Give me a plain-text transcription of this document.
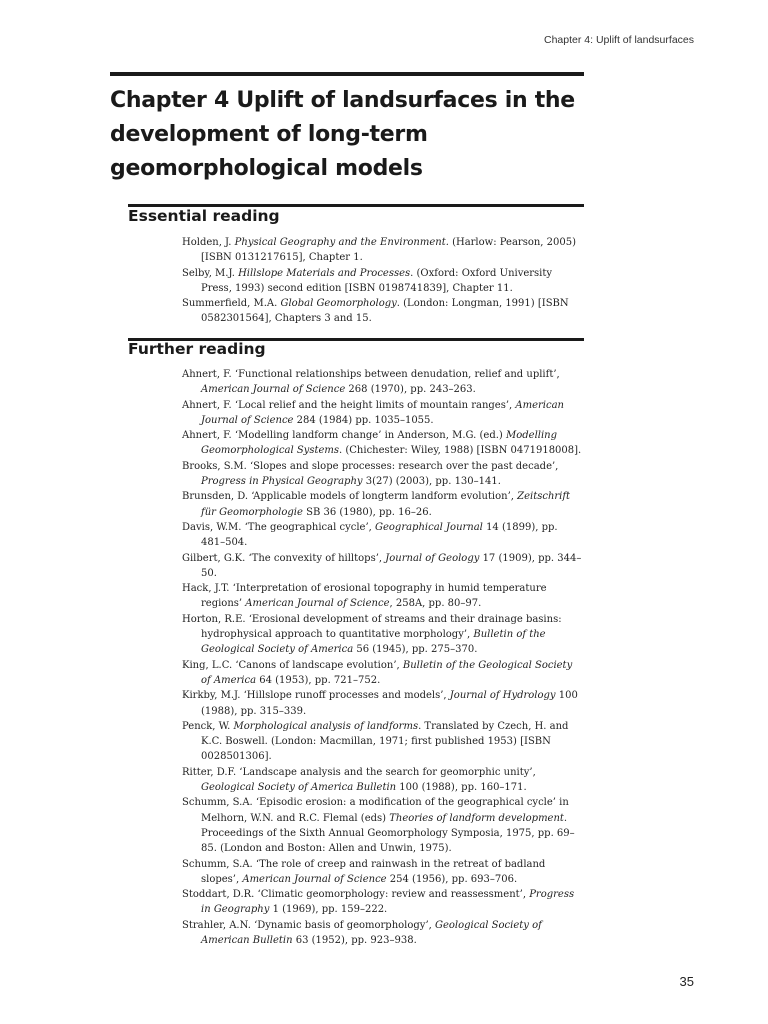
Chapter 4: Uplift of landsurfaces
Chapter 4 Uplift of landsurfaces in the development of long-term geomorphological models
Essential reading
Holden, J. Physical Geography and the Environment. (Harlow: Pearson, 2005) [ISBN 0131217615], Chapter 1.
Selby, M.J. Hillslope Materials and Processes. (Oxford: Oxford University Press, 1993) second edition [ISBN 0198741839], Chapter 11.
Summerfield, M.A. Global Geomorphology. (London: Longman, 1991) [ISBN 0582301564], Chapters 3 and 15.
Further reading
Ahnert, F. ‘Functional relationships between denudation, relief and uplift’, American Journal of Science 268 (1970), pp. 243–263.
Ahnert, F. ‘Local relief and the height limits of mountain ranges’, American Journal of Science 284 (1984) pp. 1035–1055.
Ahnert, F. ‘Modelling landform change’ in Anderson, M.G. (ed.) Modelling Geomorphological Systems. (Chichester: Wiley, 1988) [ISBN 0471918008].
Brooks, S.M. ‘Slopes and slope processes: research over the past decade’, Progress in Physical Geography 3(27) (2003), pp. 130–141.
Brunsden, D. ‘Applicable models of longterm landform evolution’, Zeitschrift für Geomorphologie SB 36 (1980), pp. 16–26.
Davis, W.M. ‘The geographical cycle’, Geographical Journal 14 (1899), pp. 481–504.
Gilbert, G.K. ‘The convexity of hilltops’, Journal of Geology 17 (1909), pp. 344–50.
Hack, J.T. ‘Interpretation of erosional topography in humid temperature regions’ American Journal of Science, 258A, pp. 80–97.
Horton, R.E. ‘Erosional development of streams and their drainage basins: hydrophysical approach to quantitative morphology’, Bulletin of the Geological Society of America 56 (1945), pp. 275–370.
King, L.C. ‘Canons of landscape evolution’, Bulletin of the Geological Society of America 64 (1953), pp. 721–752.
Kirkby, M.J. ‘Hillslope runoff processes and models’, Journal of Hydrology 100 (1988), pp. 315–339.
Penck, W. Morphological analysis of landforms. Translated by Czech, H. and K.C. Boswell. (London: Macmillan, 1971; first published 1953) [ISBN 0028501306].
Ritter, D.F. ‘Landscape analysis and the search for geomorphic unity’, Geological Society of America Bulletin 100 (1988), pp. 160–171.
Schumm, S.A. ‘Episodic erosion: a modification of the geographical cycle’ in Melhorn, W.N. and R.C. Flemal (eds) Theories of landform development. Proceedings of the Sixth Annual Geomorphology Symposia, 1975, pp. 69–85. (London and Boston: Allen and Unwin, 1975).
Schumm, S.A. ‘The role of creep and rainwash in the retreat of badland slopes’, American Journal of Science 254 (1956), pp. 693–706.
Stoddart, D.R. ‘Climatic geomorphology: review and reassessment’, Progress in Geography 1 (1969), pp. 159–222.
Strahler, A.N. ‘Dynamic basis of geomorphology’, Geological Society of American Bulletin 63 (1952), pp. 923–938.
35
